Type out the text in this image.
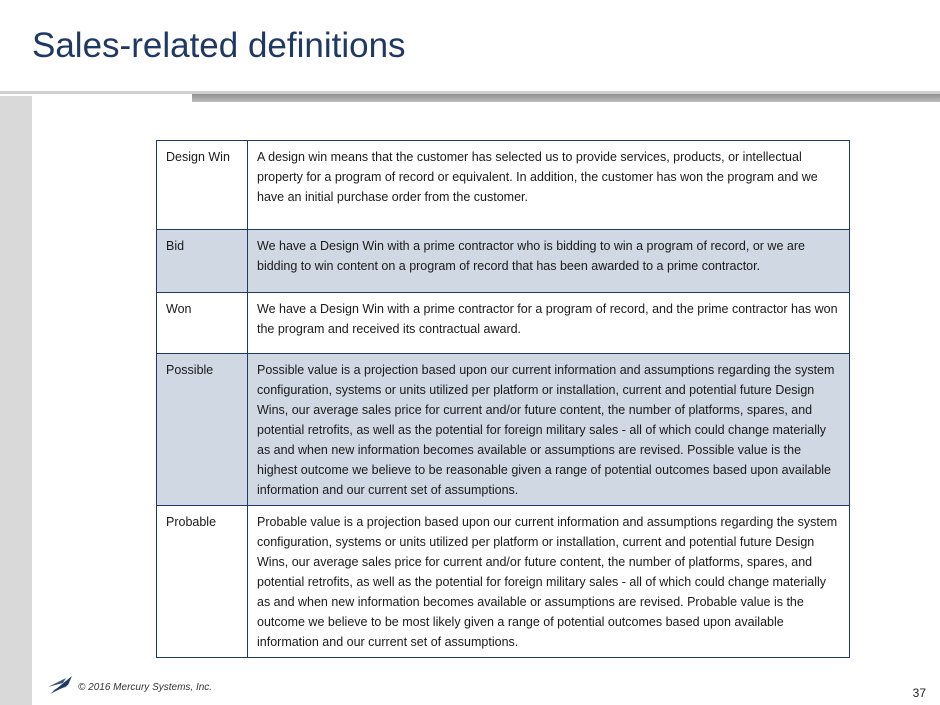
Sales-related definitions
Design Win	A design win means that the customer has selected us to provide services, products, or intellectual property for a program of record or equivalent. In addition, the customer has won the program and we have an initial purchase order from the customer.
Bid	We have a Design Win with a prime contractor who is bidding to win a program of record, or we are bidding to win content on a program of record that has been awarded to a prime contractor.
Won	We have a Design Win with a prime contractor for a program of record, and the prime contractor has won the program and received its contractual award.
Possible	Possible value is a projection based upon our current information and assumptions regarding the system configuration, systems or units utilized per platform or installation, current and potential future Design Wins, our average sales price for current and/or future content, the number of platforms, spares, and potential retrofits, as well as the potential for foreign military sales - all of which could change materially as and when new information becomes available or assumptions are revised. Possible value is the highest outcome we believe to be reasonable given a range of potential outcomes based upon available information and our current set of assumptions.
Probable	Probable value is a projection based upon our current information and assumptions regarding the system configuration, systems or units utilized per platform or installation, current and potential future Design Wins, our average sales price for current and/or future content, the number of platforms, spares, and potential retrofits, as well as the potential for foreign military sales - all of which could change materially as and when new information becomes available or assumptions are revised. Probable value is the outcome we believe to be most likely given a range of potential outcomes based upon available information and our current set of assumptions.
© 2016 Mercury Systems, Inc.	37
